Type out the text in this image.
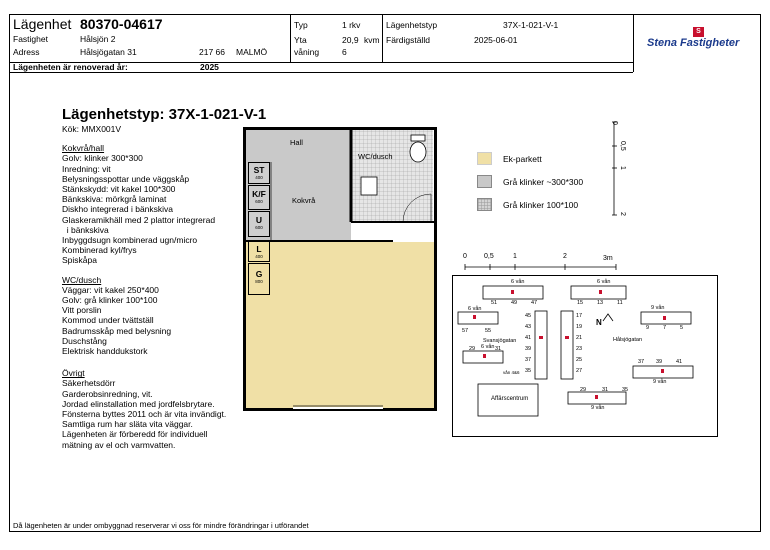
Lägenhet 80370-04617
Fastighet	Hålsjön 2
Adress	Hålsjögatan 31	217 66 MALMÖ
Typ	1 rkv
Yta	20,9 kvm
våning	6
Lägenhetstyp	37X-1-021-V-1
Färdigställd	2025-06-01
Lägenheten är renoverad år:	2025
S
Stena Fastigheter
Lägenhetstyp: 37X-1-021-V-1
Kök: MMX001V
Kokvrå/hall
Golv: klinker 300*300
Inredning: vit
Belysningsspottar unde väggskåp
Stänkskydd: vit kakel 100*300
Bänkskiva: mörkgrå laminat
Diskho integrerad i bänkskiva
Glaskeramikhäll med 2 plattor integrerad
i bänkskiva
Inbyggdsugn kombinerad ugn/micro
Kombinerad kyl/frys
Spiskåpa
WC/dusch
Väggar: vit kakel 250*400
Golv: grå klinker 100*100
Vitt porslin
Kommod under tvättställ
Badrumsskåp med belysning
Duschstång
Elektrisk handdukstork
Övrigt
Säkerhetsdörr
Garderobsinredning, vit.
Jordad elinstallation med jordfelsbrytare.
Fönsterna byttes 2011 och är vita invändigt.
Samtliga rum har släta vita väggar.
Lägenheten är förberedd för individuell
mätning av el och varmvatten.
Hall
WC/dusch
Kokvrå
ST
400
K/F
600
U
600
L
400
G
800
Ek-parkett
Grå klinker ~300*300
Grå klinker 100*100
0
0,5
1
2
0 0,5	1	2	3m
6 vån	6 vån
6 vån	9 vån
6 vån
9 vån
9 vån
51	49	47	15	13	11
9	7	5
45
43
41
39
37
35
17
19
21
23
25
27
57	55
29	31
37 39	41
29	31	35
Svansjögatan	Hålsjögatan
Affärscentrum
vån 4&6
N
Då lägenheten är under ombyggnad reserverar vi oss för mindre förändringar i utförandet
